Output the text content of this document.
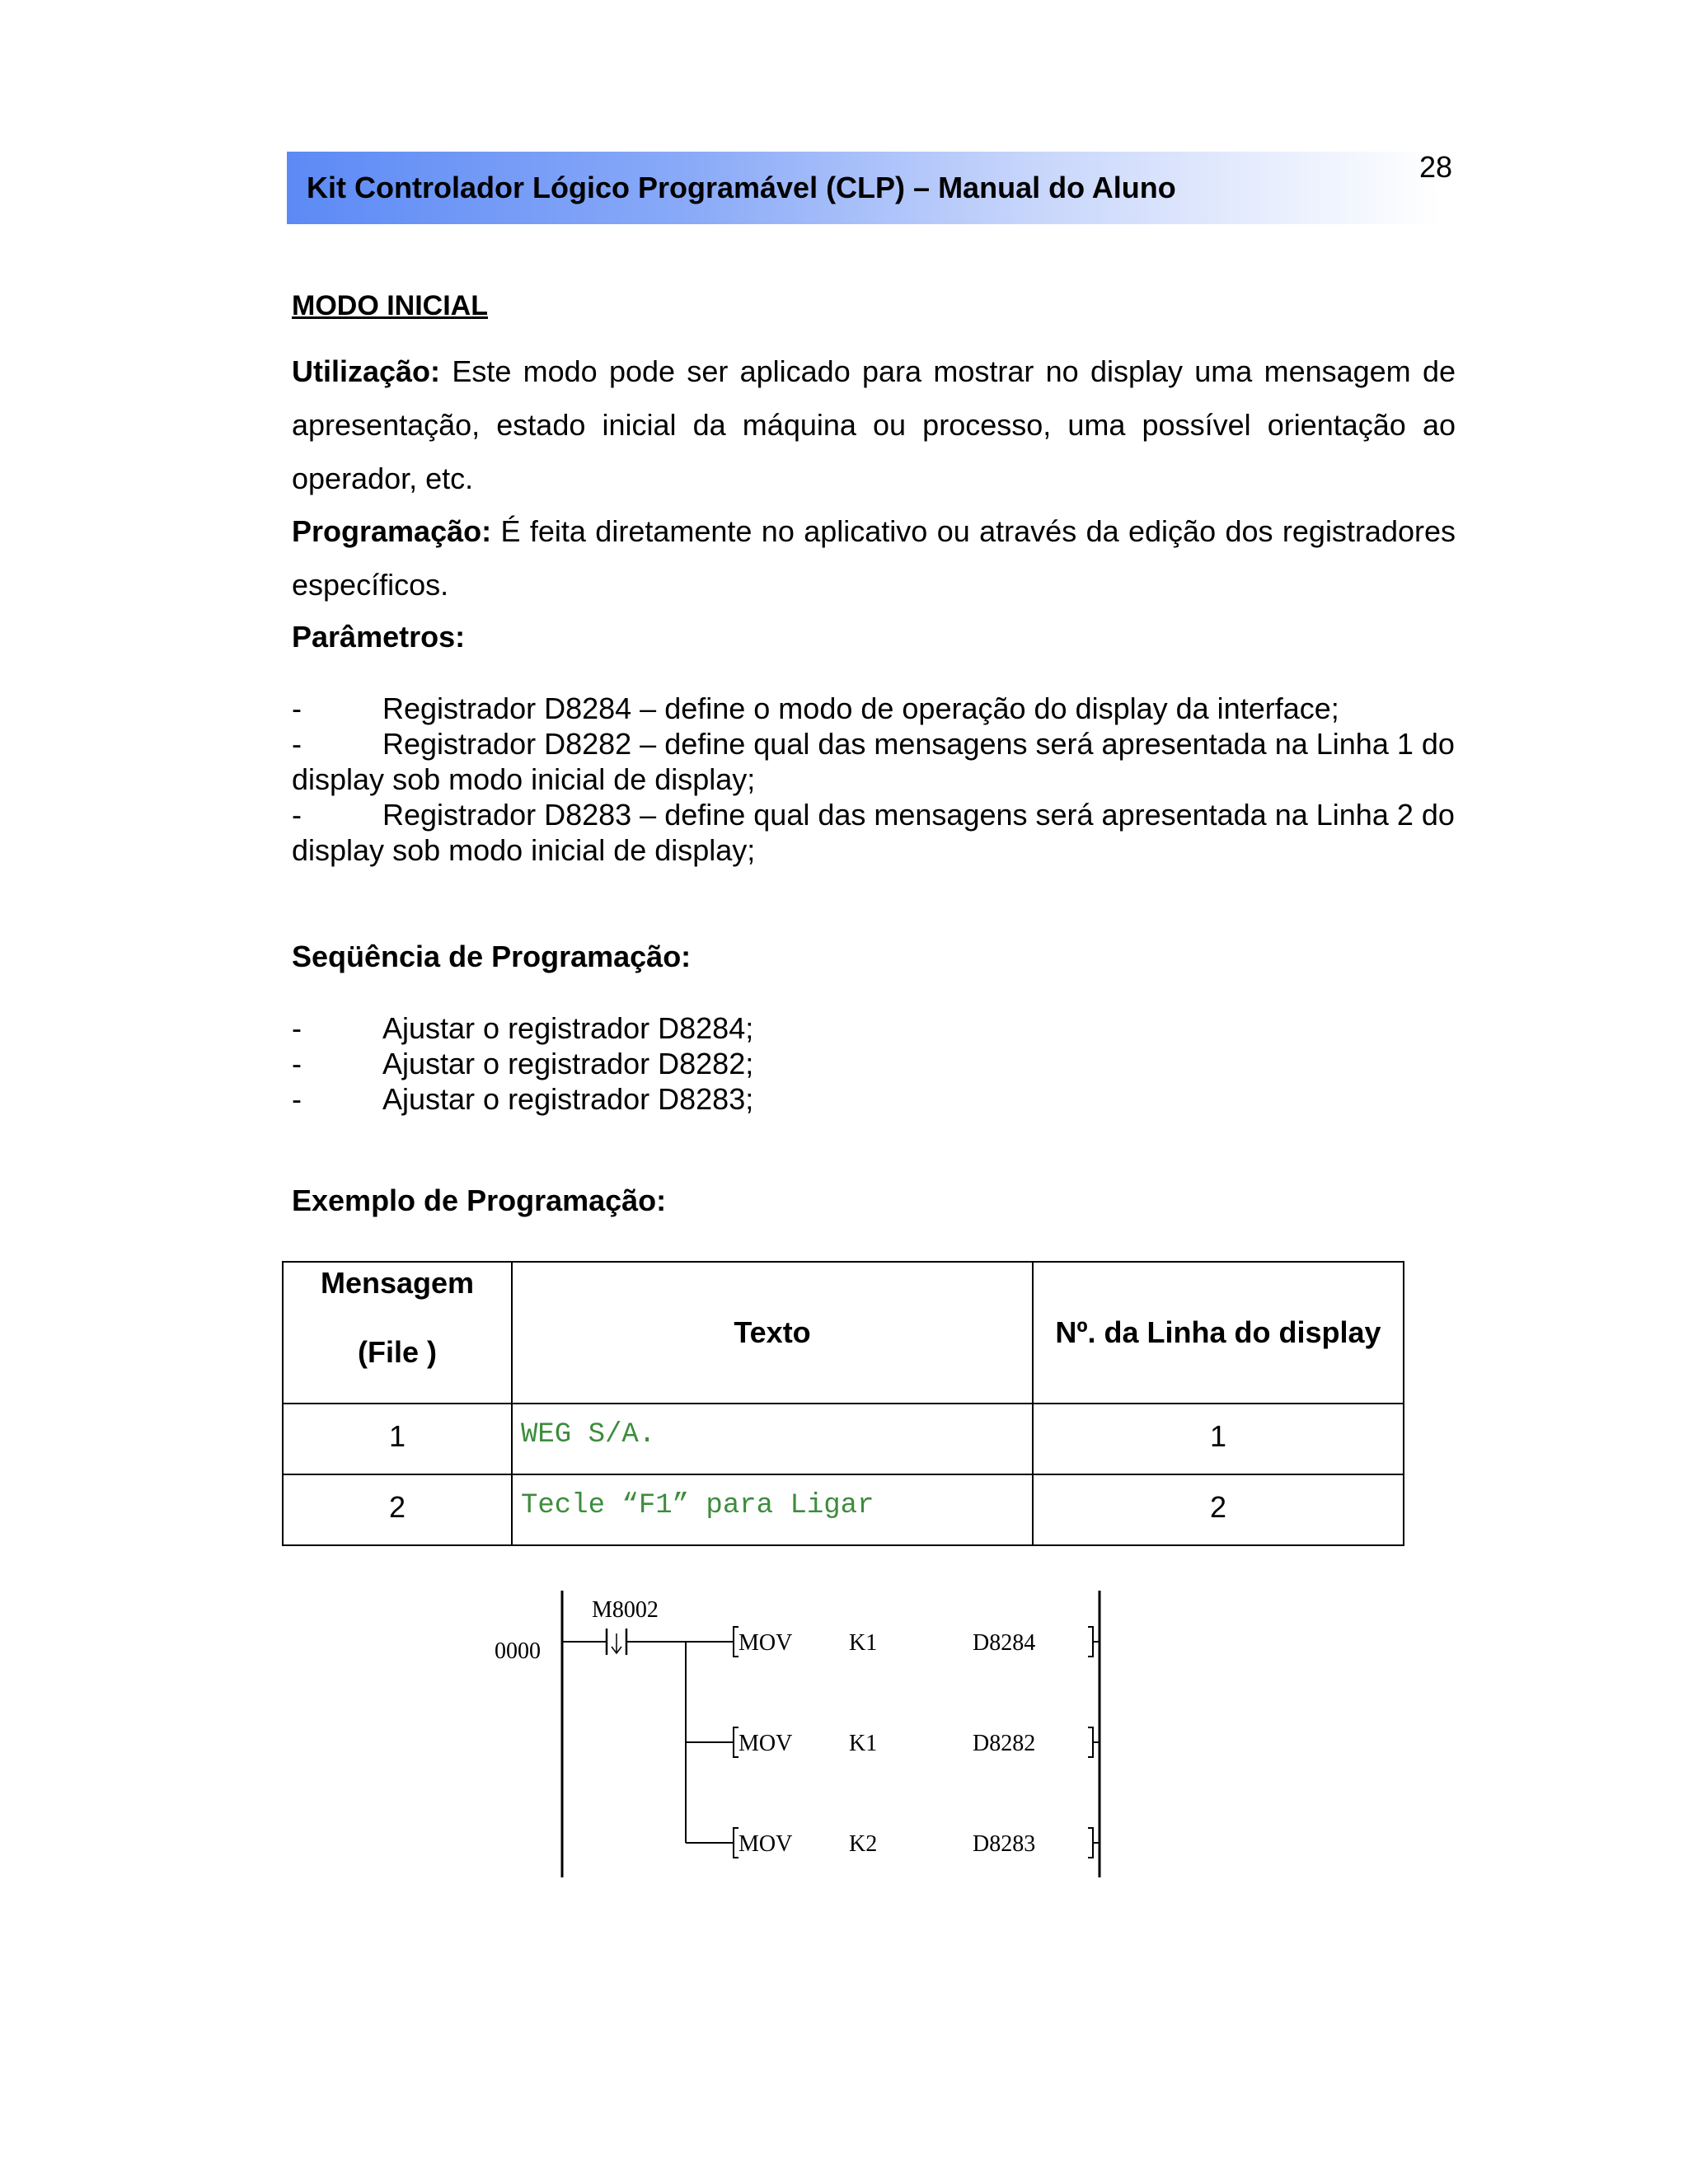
Kit Controlador Lógico Programável (CLP) – Manual do Aluno
28
MODO INICIAL
Utilização: Este modo pode ser aplicado para mostrar no display uma mensagem de apresentação, estado inicial da máquina ou processo, uma possível orientação ao operador, etc.
Programação: É feita diretamente no aplicativo ou através da edição dos registradores específicos.
Parâmetros:
-	Registrador D8284 – define o modo de operação do display da interface;
-	Registrador D8282 – define qual das mensagens será apresentada na Linha 1 do display sob modo inicial de display;
-	Registrador D8283 – define qual das mensagens será apresentada na Linha 2 do display sob modo inicial de display;
Seqüência de Programação:
-	Ajustar o registrador D8284;
-	Ajustar o registrador D8282;
-	Ajustar o registrador D8283;
Exemplo de Programação:
Mensagem
(File )	Texto	Nº. da Linha do display
1	WEG S/A.	1
2	Tecle “F1” para Ligar	2
0000
M8002
MOV K1	D8284
MOV K1	D8282
MOV K2	D8283
